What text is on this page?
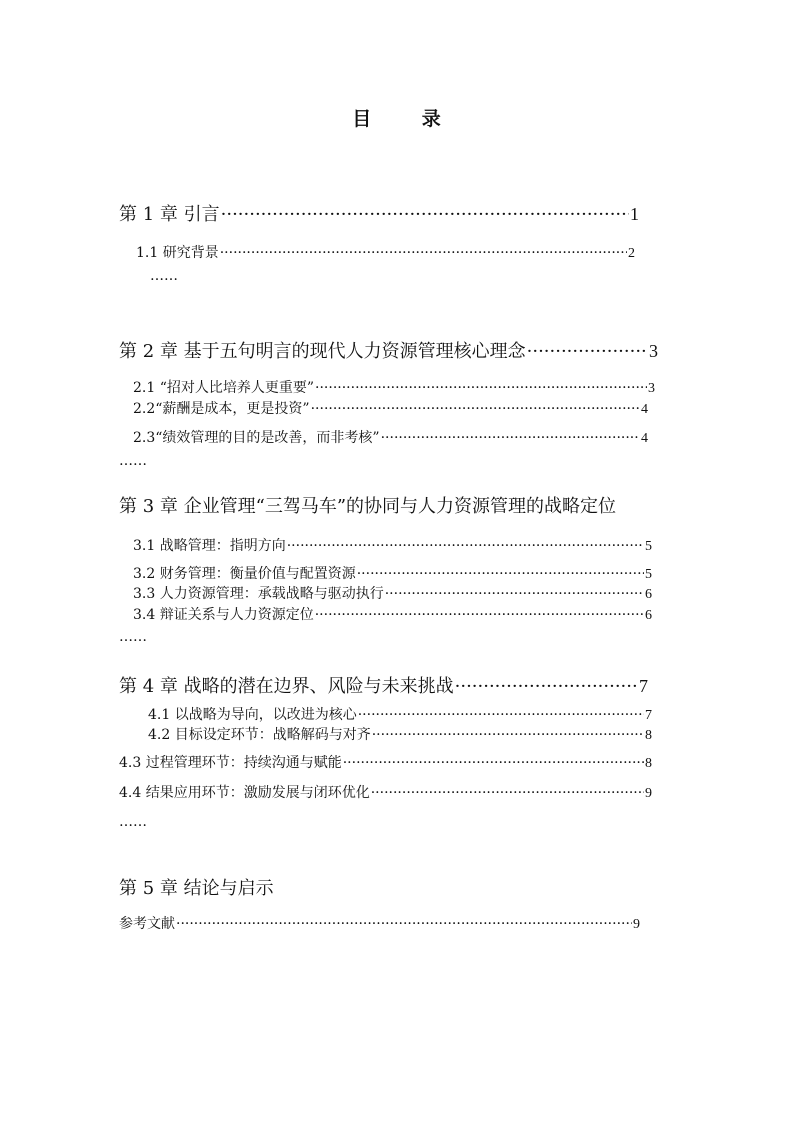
目 录
第 1 章 引言 ·····	1
1.1 研究背景 ·····	2
……
第 2 章 基于五句明言的现代人力资源管理核心理念 ·····	3
2.1 “招对人比培养人更重要” ·····	3
2.2“薪酬是成本，更是投资” ·····	4
2.3“绩效管理的目的是改善，而非考核” ·····	4
……
第 3 章 企业管理“三驾马车”的协同与人力资源管理的战略定位
3.1 战略管理：指明方向 ·····	5
3.2 财务管理：衡量价值与配置资源 ·····	5
3.3 人力资源管理：承载战略与驱动执行 ·····	6
3.4 辩证关系与人力资源定位 ·····	6
……
第 4 章 战略的潜在边界、风险与未来挑战 ·····	7
4.1 以战略为导向，以改进为核心 ·····	7
4.2 目标设定环节：战略解码与对齐 ·····	8
4.3 过程管理环节：持续沟通与赋能 ·····	8
4.4 结果应用环节：激励发展与闭环优化 ·····	9
……
第 5 章 结论与启示
参考文献 ·····	9
